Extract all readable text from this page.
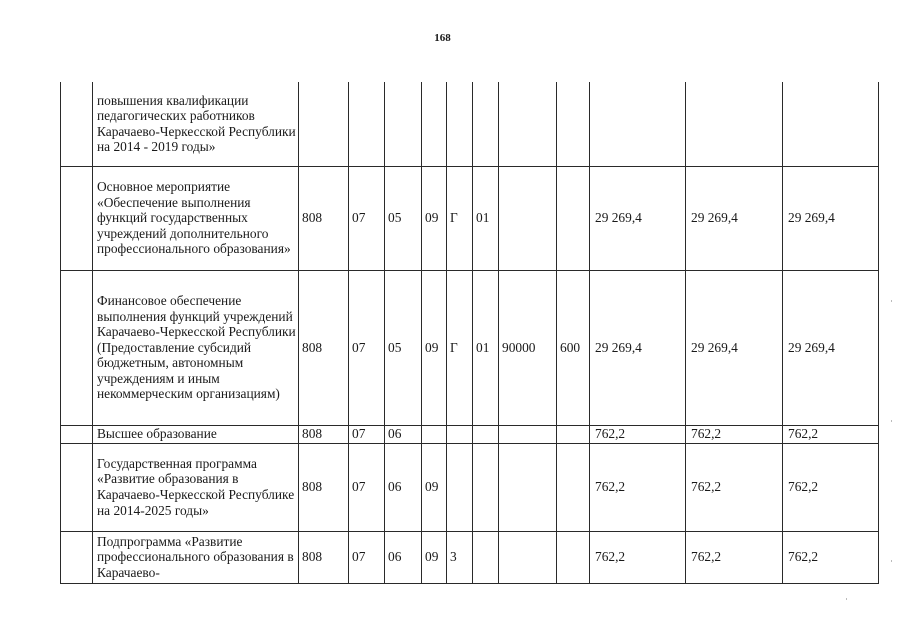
168
	повышения квалификации педагогических работников Карачаево-Черкесской Республики на 2014 - 2019 годы»											
	Основное мероприятие «Обеспечение выполнения функций государственных учреждений дополнительного профессионального образования»	808	07	05	09	Г	01			29 269,4	29 269,4	29 269,4
	Финансовое обеспечение выполнения функций учреждений Карачаево-Черкесской Республики (Предоставление субсидий бюджетным, автономным учреждениям и иным некоммерческим организациям)	808	07	05	09	Г	01	90000	600	29 269,4	29 269,4	29 269,4
	Высшее образование	808	07	06						762,2	762,2	762,2
	Государственная программа «Развитие образования в Карачаево-Черкесской Республике на 2014-2025 годы»	808	07	06	09					762,2	762,2	762,2
	Подпрограмма «Развитие профессионального образования в Карачаево-	808	07	06	09	3				762,2	762,2	762,2
